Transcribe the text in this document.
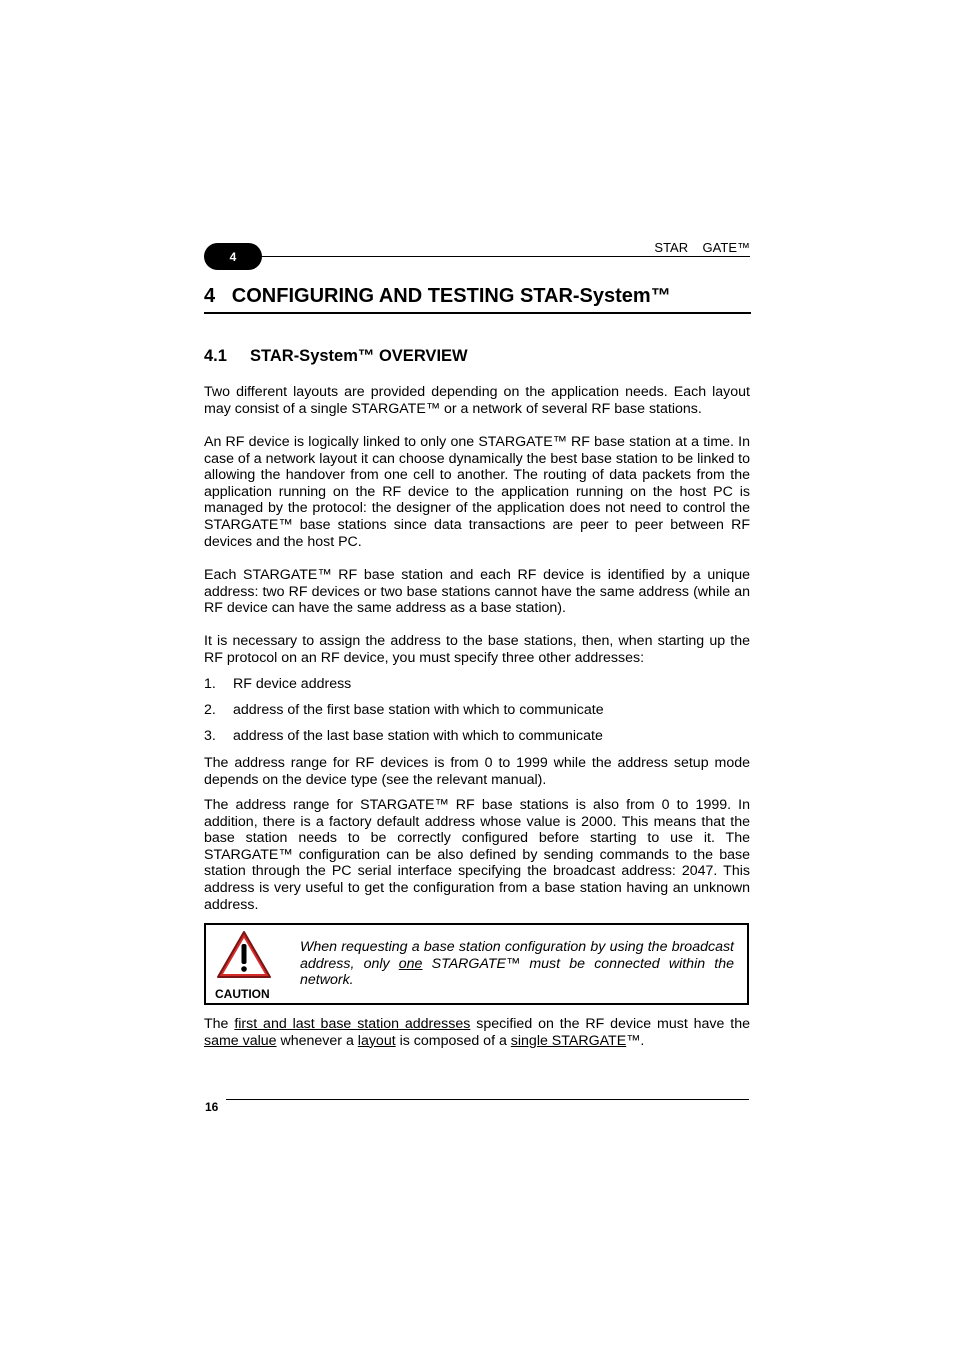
4
STAR    GATE™
4   CONFIGURING AND TESTING STAR-System™
4.1 STAR-System™ OVERVIEW

Two different layouts are provided depending on the application needs. Each layout may consist of a single STARGATE™ or a network of several RF base stations.

An RF device is logically linked to only one STARGATE™ RF base station at a time. In case of a network layout it can choose dynamically the best base station to be linked to allowing the handover from one cell to another. The routing of data packets from the application running on the RF device to the application running on the host PC is managed by the protocol: the designer of the application does not need to control the STARGATE™ base stations since data transactions are peer to peer between RF devices and the host PC.

Each STARGATE™ RF base station and each RF device is identified by a unique address: two RF devices or two base stations cannot have the same address (while an RF device can have the same address as a base station).

It is necessary to assign the address to the base stations, then, when starting up the RF protocol on an RF device, you must specify three other addresses:

1. RF device address
2. address of the first base station with which to communicate
3. address of the last base station with which to communicate

The address range for RF devices is from 0 to 1999 while the address setup mode depends on the device type (see the relevant manual).

The address range for STARGATE™ RF base stations is also from 0 to 1999. In addition, there is a factory default address whose value is 2000. This means that the base station needs to be correctly configured before starting to use it. The STARGATE™ configuration can be also defined by sending commands to the base station through the PC serial interface specifying the broadcast address: 2047. This address is very useful to get the configuration from a base station having an unknown address.

CAUTION
When requesting a base station configuration by using the broadcast address, only one STARGATE™ must be connected within the network.

The first and last base station addresses specified on the RF device must have the same value whenever a layout is composed of a single STARGATE™.

16
